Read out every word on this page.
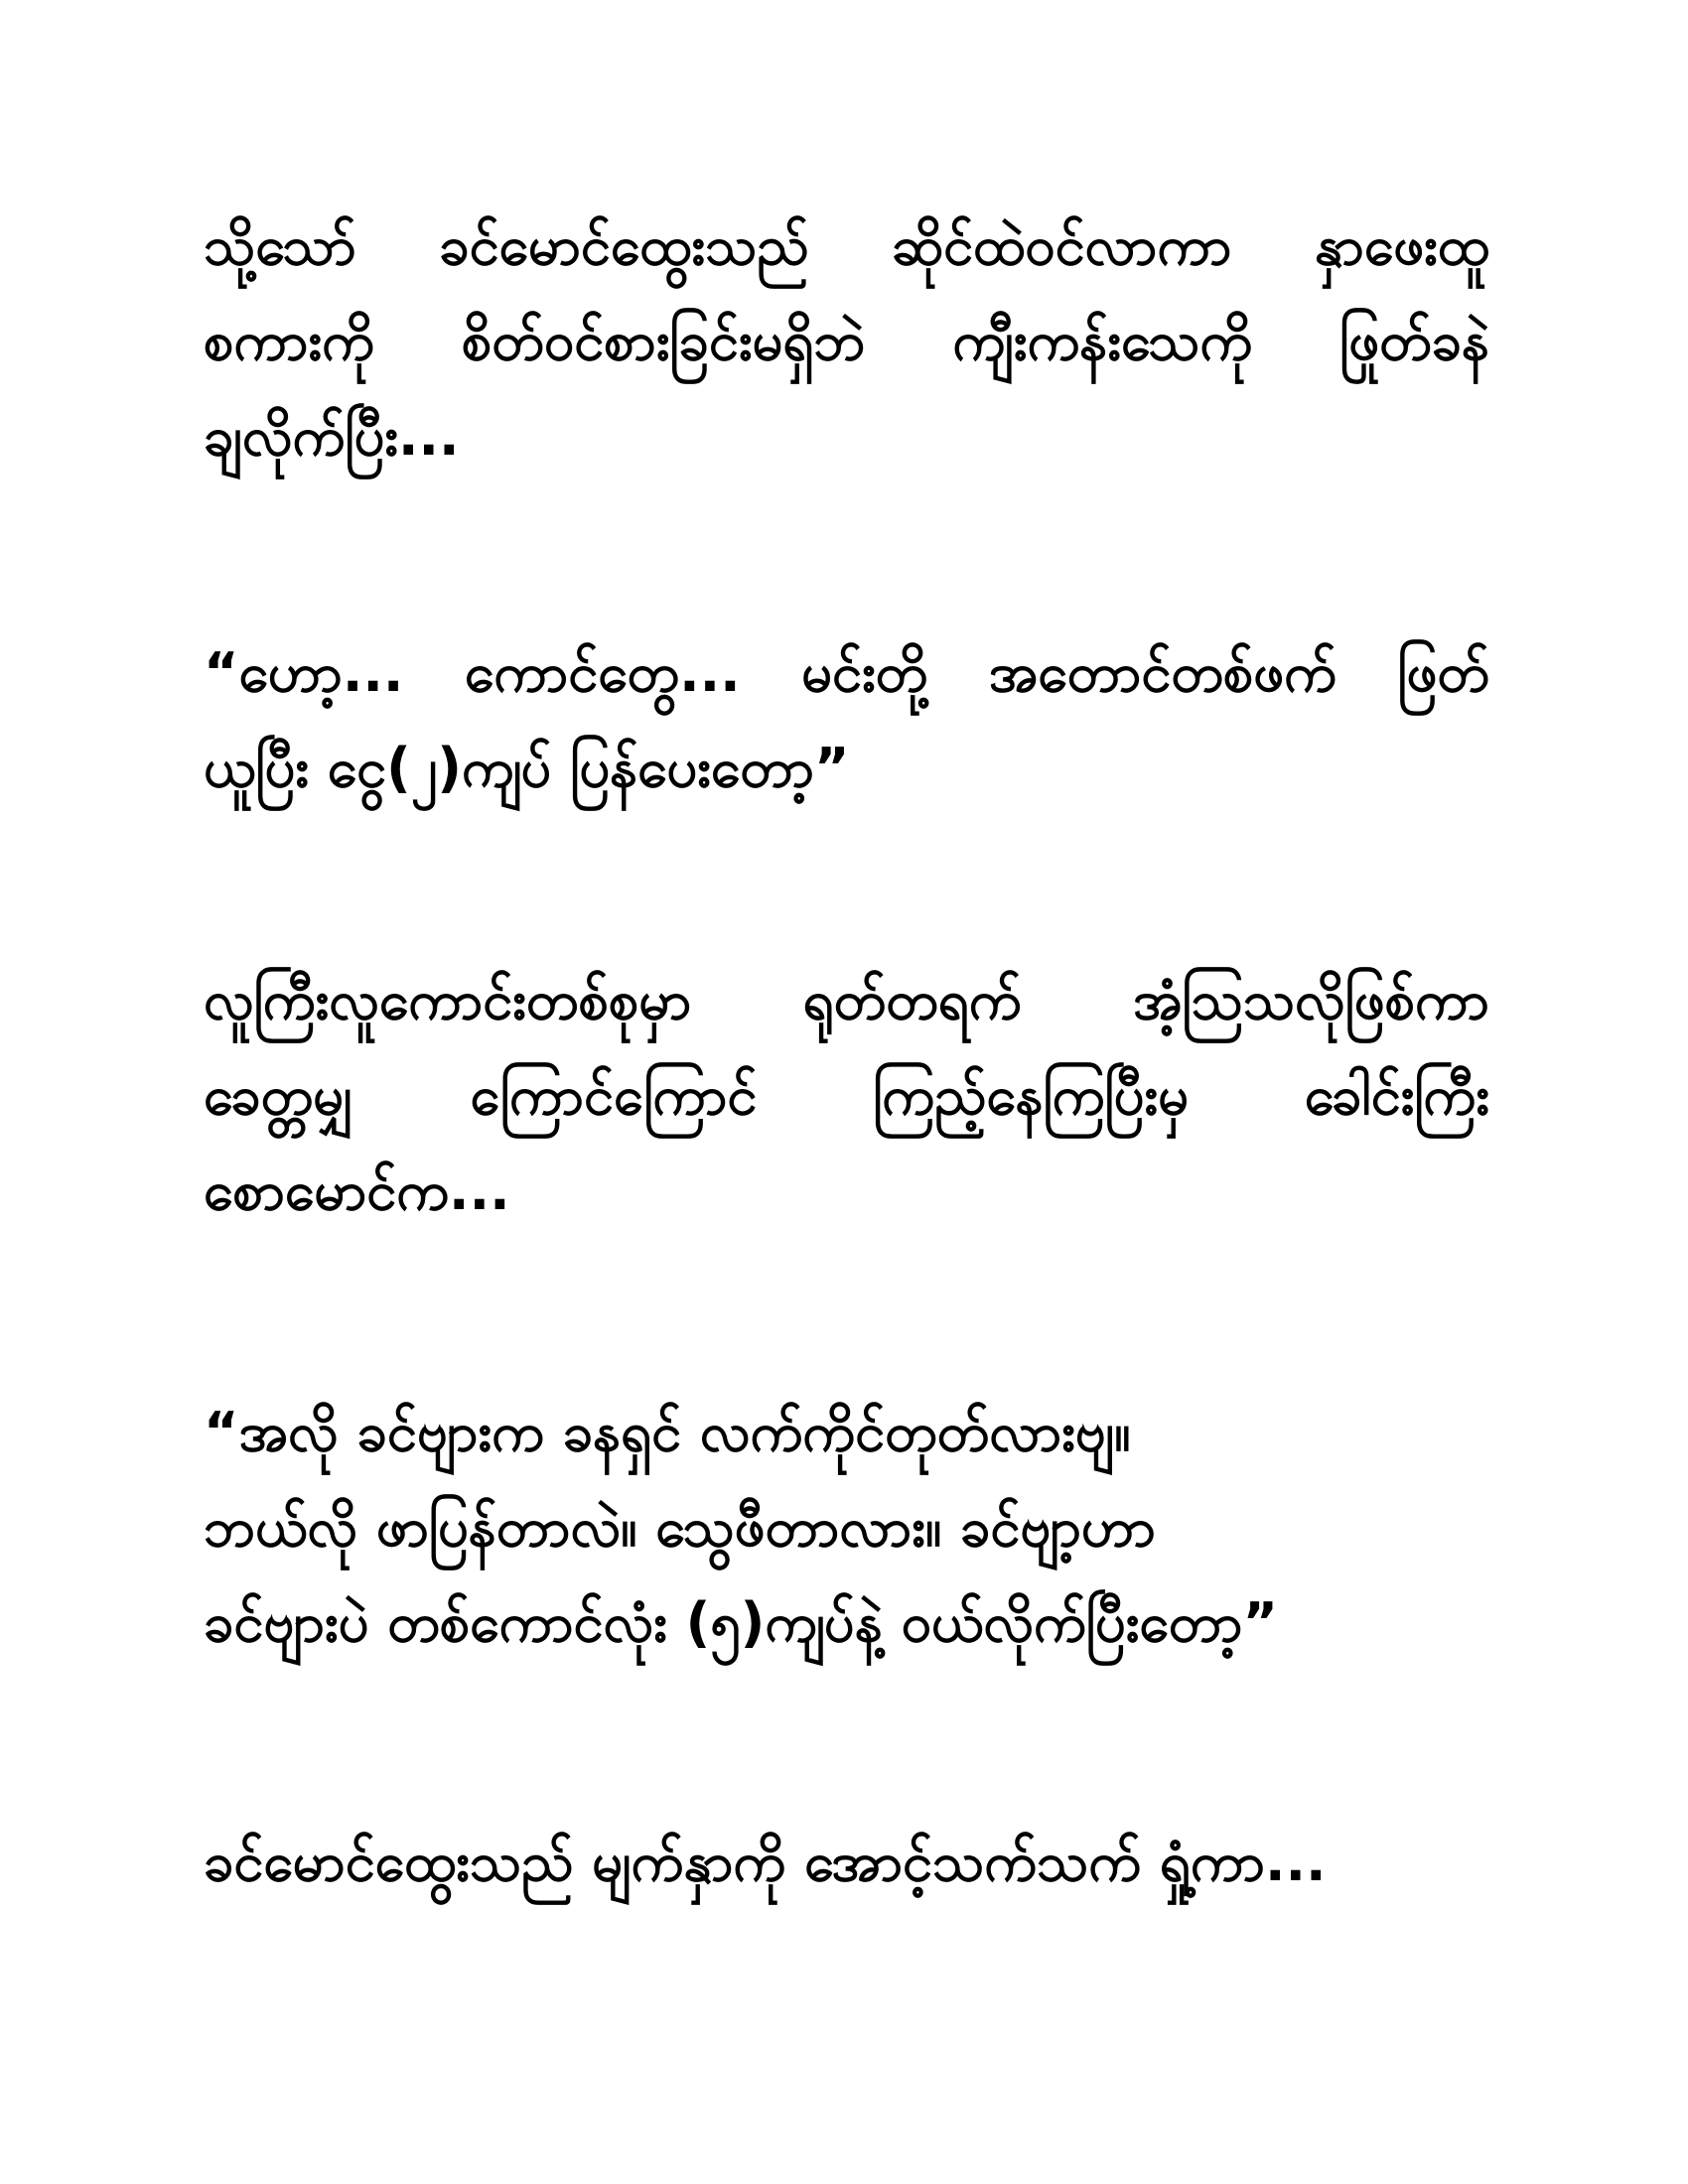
သို့သော် ခင်မောင်ထွေးသည် ဆိုင်ထဲဝင်လာကာ နှာဖေးထူ
စကားကို စိတ်ဝင်စားခြင်းမရှိဘဲ ကျီးကန်းသေကို ဖြုတ်ခနဲ
ချလိုက်ပြီး...
“ဟော့... ကောင်တွေ... မင်းတို့ အတောင်တစ်ဖက် ဖြတ်
ယူပြီး ငွေ(၂)ကျပ် ပြန်ပေးတော့”
လူကြီးလူကောင်းတစ်စုမှာ ရုတ်တရက် အံ့သြသလိုဖြစ်ကာ
ခေတ္တမျှ ကြောင်ကြောင် ကြည့်နေကြပြီးမှ ခေါင်းကြီး
စောမောင်က...
“အလို ခင်ဗျားက ခနရှင် လက်ကိုင်တုတ်လားဗျ။
ဘယ်လို ဖာပြန်တာလဲ။ သွေဖီတာလား။ ခင်ဗျာ့ဟာ
ခင်ဗျားပဲ တစ်ကောင်လုံး (၅)ကျပ်နဲ့ ဝယ်လိုက်ပြီးတော့”
ခင်မောင်ထွေးသည် မျက်နှာကို အောင့်သက်သက် ရှုံ့ကာ...
